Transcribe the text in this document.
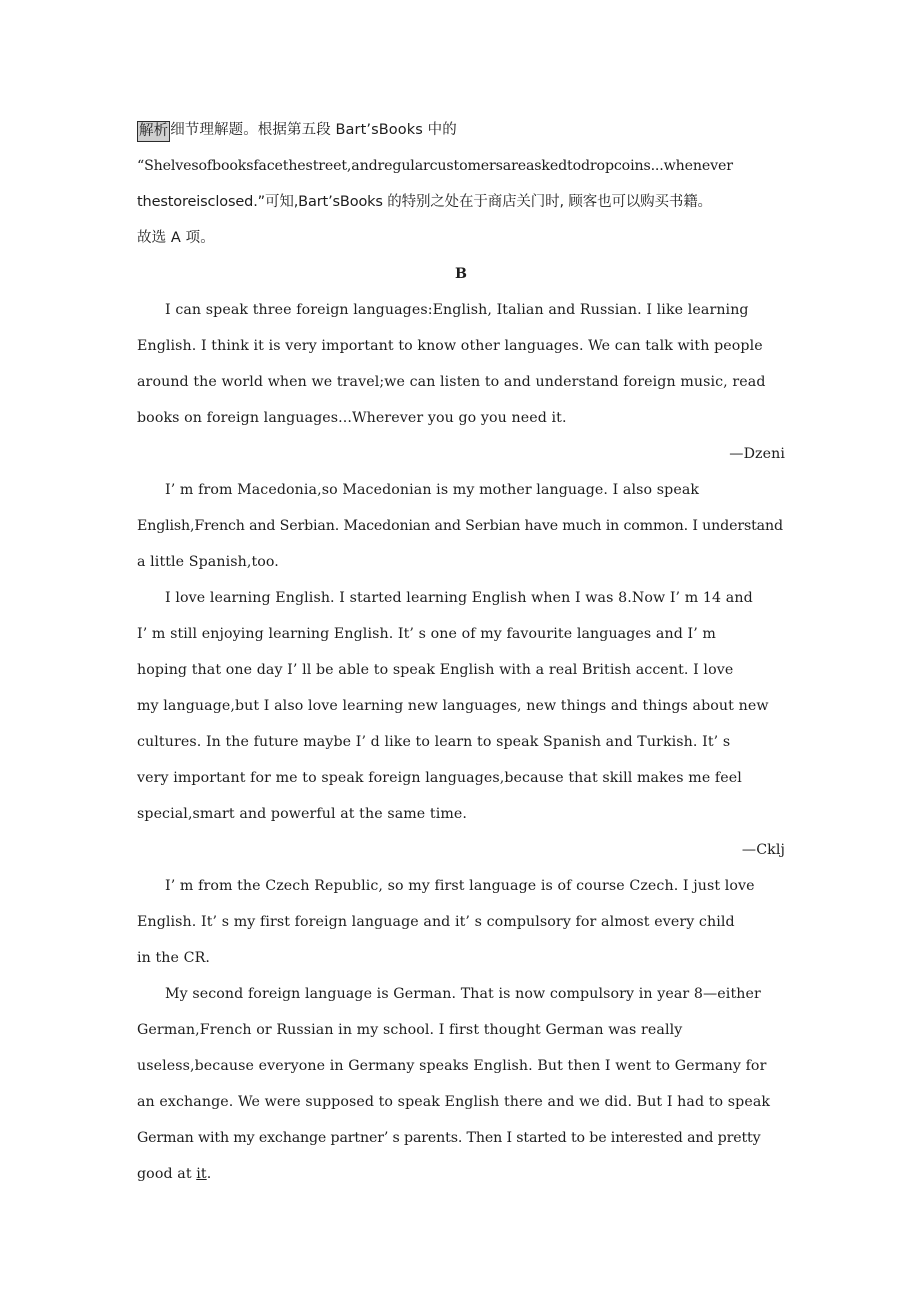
解析 细节理解题。根据第五段 Bart’sBooks 中的
“Shelvesofbooksfacethestreet,andregularcustomersareaskedtodropcoins...whenever
thestoreisclosed.”可知,Bart’sBooks 的特别之处在于商店关门时, 顾客也可以购买书籍。
故选 A 项。
B
I can speak three foreign languages:English, Italian and Russian. I like learning
English. I think it is very important to know other languages. We can talk with people
around the world when we travel;we can listen to and understand foreign music, read
books on foreign languages...Wherever you go you need it.
—Dzeni
I’ m from Macedonia,so Macedonian is my mother language. I also speak
English,French and Serbian. Macedonian and Serbian have much in common. I understand
a little Spanish,too.
I love learning English. I started learning English when I was 8.Now I’ m 14 and
I’ m still enjoying learning English. It’ s one of my favourite languages and I’ m
hoping that one day I’ ll be able to speak English with a real British accent. I love
my language,but I also love learning new languages, new things and things about new
cultures. In the future maybe I’ d like to learn to speak Spanish and Turkish. It’ s
very important for me to speak foreign languages,because that skill makes me feel
special,smart and powerful at the same time.
—Cklj
I’ m from the Czech Republic, so my first language is of course Czech. I just love
English. It’ s my first foreign language and it’ s compulsory for almost every child
in the CR.
My second foreign language is German. That is now compulsory in year 8—either
German,French or Russian in my school. I first thought German was really
useless,because everyone in Germany speaks English. But then I went to Germany for
an exchange. We were supposed to speak English there and we did. But I had to speak
German with my exchange partner’ s parents. Then I started to be interested and pretty
good at it.
